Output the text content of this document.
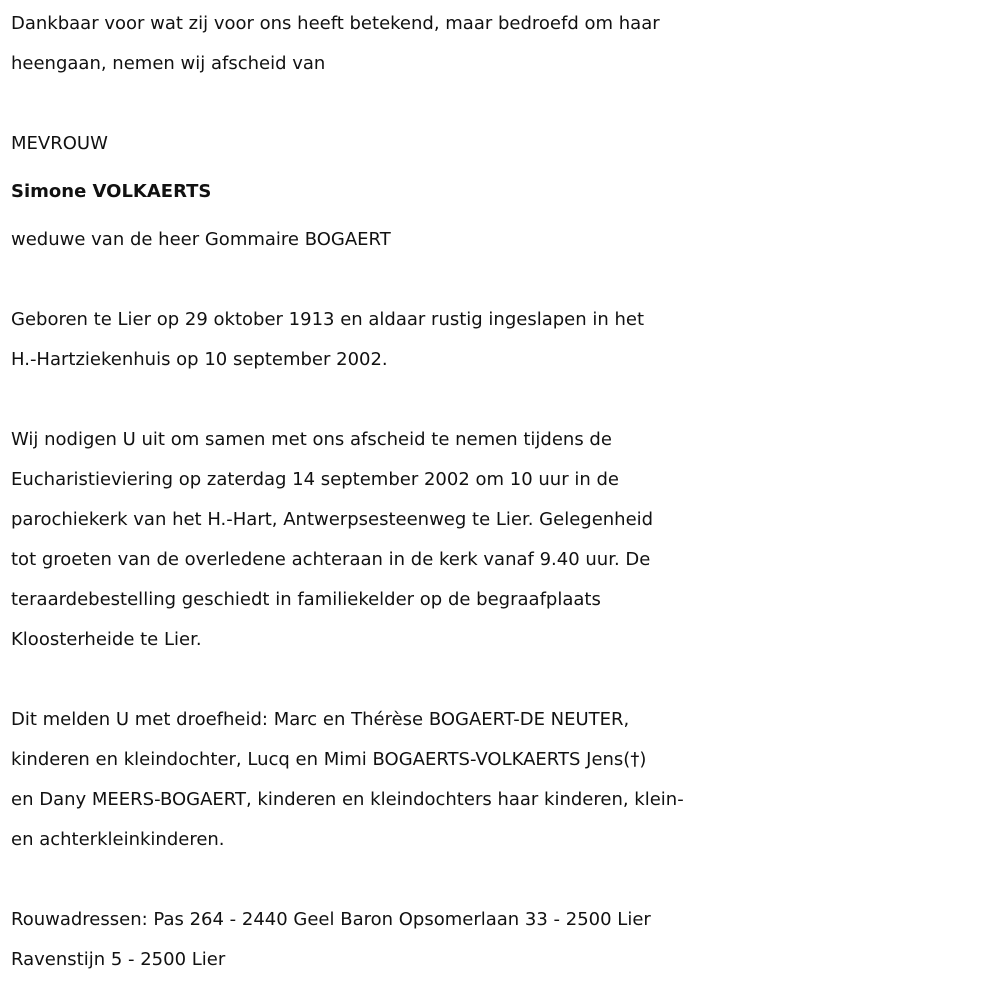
Dankbaar voor wat zij voor ons heeft betekend, maar bedroefd om haar
heengaan, nemen wij afscheid van
MEVROUW
Simone VOLKAERTS
weduwe van de heer Gommaire BOGAERT
Geboren te Lier op 29 oktober 1913 en aldaar rustig ingeslapen in het
H.-Hartziekenhuis op 10 september 2002.
Wij nodigen U uit om samen met ons afscheid te nemen tijdens de
Eucharistieviering op zaterdag 14 september 2002 om 10 uur in de
parochiekerk van het H.-Hart, Antwerpsesteenweg te Lier. Gelegenheid
tot groeten van de overledene achteraan in de kerk vanaf 9.40 uur. De
teraardebestelling geschiedt in familiekelder op de begraafplaats
Kloosterheide te Lier.
Dit melden U met droefheid: Marc en Thérèse BOGAERT-DE NEUTER,
kinderen en kleindochter, Lucq en Mimi BOGAERTS-VOLKAERTS Jens(†)
en Dany MEERS-BOGAERT, kinderen en kleindochters haar kinderen, klein-
en achterkleinkinderen.
Rouwadressen: Pas 264 - 2440 Geel Baron Opsomerlaan 33 - 2500 Lier
Ravenstijn 5 - 2500 Lier
